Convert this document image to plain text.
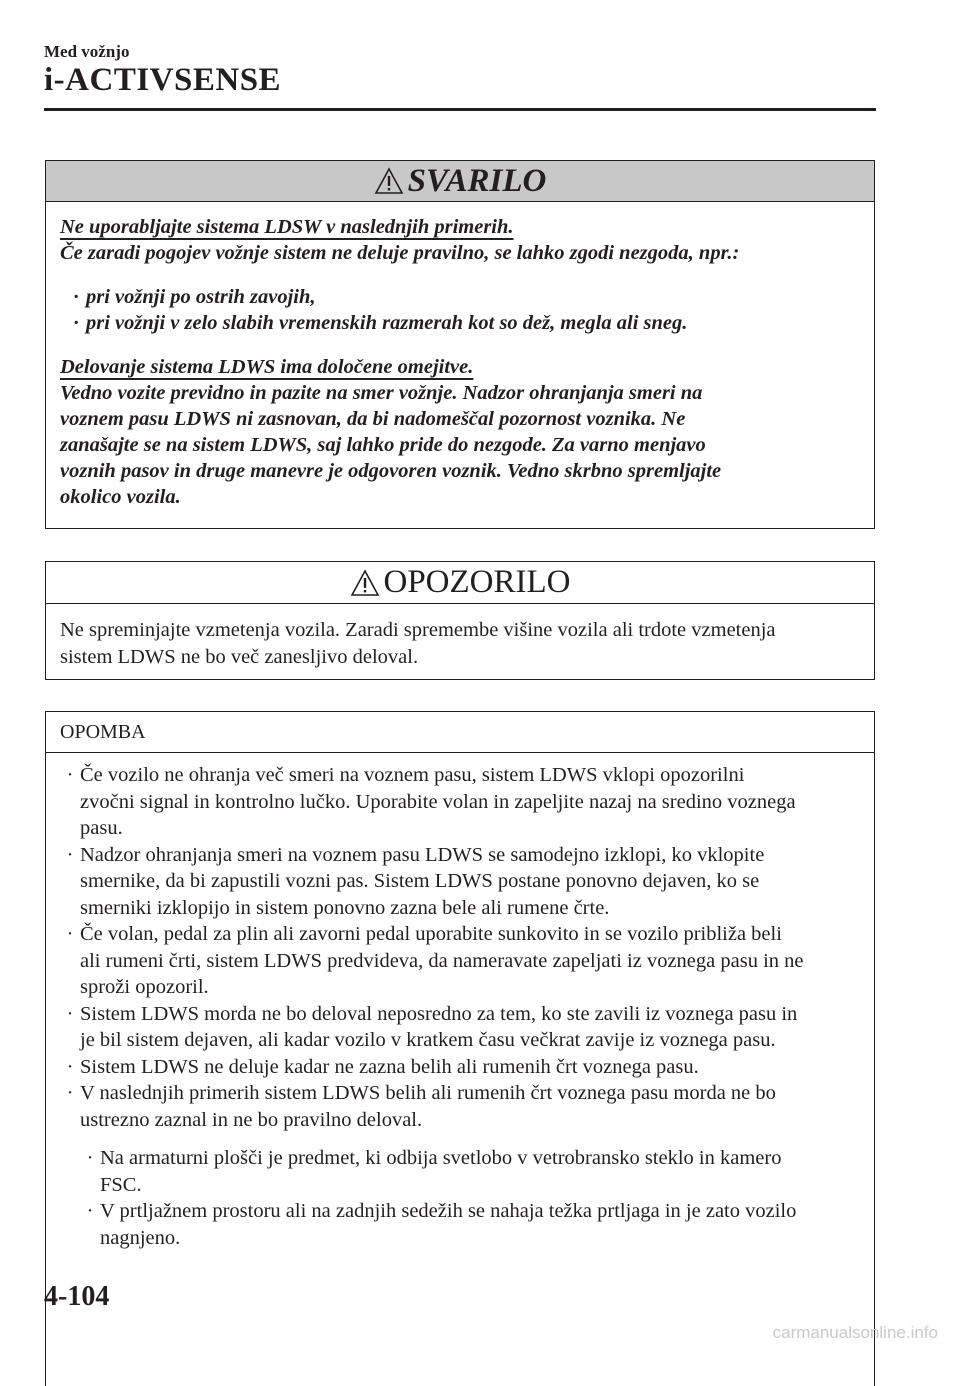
Med vožnjo
i-ACTIVSENSE
SVARILO
Ne uporabljajte sistema LDSW v naslednjih primerih.
Če zaradi pogojev vožnje sistem ne deluje pravilno, se lahko zgodi nezgoda, npr.:
· pri vožnji po ostrih zavojih,
· pri vožnji v zelo slabih vremenskih razmerah kot so dež, megla ali sneg.
Delovanje sistema LDWS ima določene omejitve.
Vedno vozite previdno in pazite na smer vožnje. Nadzor ohranjanja smeri na
voznem pasu LDWS ni zasnovan, da bi nadomeščal pozornost voznika. Ne
zanašajte se na sistem LDWS, saj lahko pride do nezgode. Za varno menjavo
voznih pasov in druge manevre je odgovoren voznik. Vedno skrbno spremljajte
okolico vozila.
OPOZORILO
Ne spreminjajte vzmetenja vozila. Zaradi spremembe višine vozila ali trdote vzmetenja
sistem LDWS ne bo več zanesljivo deloval.
OPOMBA
· Če vozilo ne ohranja več smeri na voznem pasu, sistem LDWS vklopi opozorilni
zvočni signal in kontrolno lučko. Uporabite volan in zapeljite nazaj na sredino voznega
pasu.
· Nadzor ohranjanja smeri na voznem pasu LDWS se samodejno izklopi, ko vklopite
smernike, da bi zapustili vozni pas. Sistem LDWS postane ponovno dejaven, ko se
smerniki izklopijo in sistem ponovno zazna bele ali rumene črte.
· Če volan, pedal za plin ali zavorni pedal uporabite sunkovito in se vozilo približa beli
ali rumeni črti, sistem LDWS predvideva, da nameravate zapeljati iz voznega pasu in ne
sproži opozoril.
· Sistem LDWS morda ne bo deloval neposredno za tem, ko ste zavili iz voznega pasu in
je bil sistem dejaven, ali kadar vozilo v kratkem času večkrat zavije iz voznega pasu.
· Sistem LDWS ne deluje kadar ne zazna belih ali rumenih črt voznega pasu.
· V naslednjih primerih sistem LDWS belih ali rumenih črt voznega pasu morda ne bo
ustrezno zaznal in ne bo pravilno deloval.
· Na armaturni plošči je predmet, ki odbija svetlobo v vetrobransko steklo in kamero
FSC.
· V prtljažnem prostoru ali na zadnjih sedežih se nahaja težka prtljaga in je zato vozilo
nagnjeno.
4-104
carmanualsonline.info
